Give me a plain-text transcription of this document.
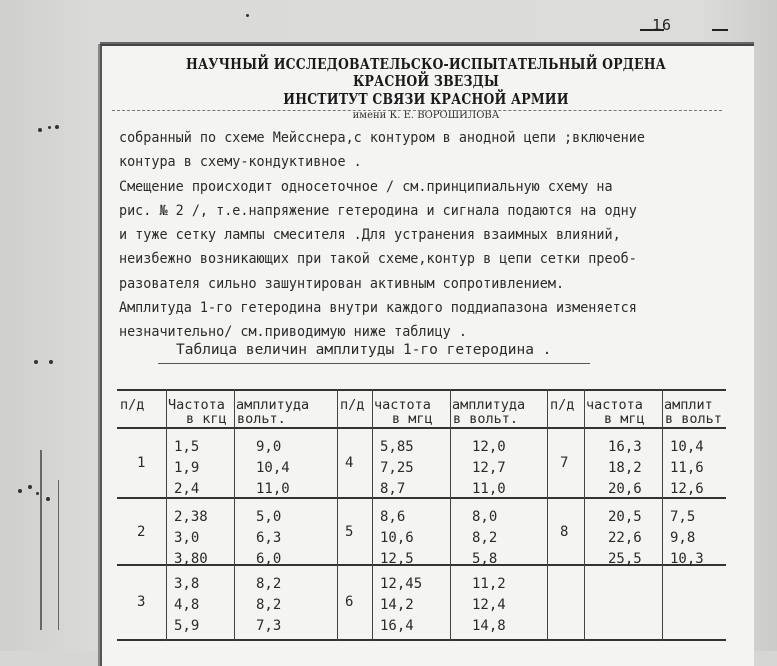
16
НАУЧНЫЙ ИССЛЕДОВАТЕЛЬСКО-ИСПЫТАТЕЛЬНЫЙ ОРДЕНА КРАСНОЙ ЗВЕЗДЫ
ИНСТИТУТ СВЯЗИ КРАСНОЙ АРМИИ
имени К. Е. ВОРОШИЛОВА
собранный по схеме Мейсснера,с контуром в анодной цепи ;включение
контура в схему-кондуктивное .
Смещение происходит односеточное / см.принципиальную схему на
рис. № 2 /, т.е.напряжение гетеродина и сигнала подаются на одну
и туже сетку лампы смесителя .Для устранения взаимных влияний,
неизбежно возникающих при такой схеме,контур в цепи сетки преоб-
разователя сильно зашунтирован активным сопротивлением.
Амплитуда 1-го гетеродина внутри каждого поддиапазона изменяется
незначительно/ см.приводимую ниже таблицу .
Таблица величин амплитуды 1-го гетеродина .
п/д Частота
в кгц
амплитуда
вольт.
1
1,5
1,9
2,4
9,0
10,4
11,0
2
2,38
3,0
3,80
5,0
6,3
6,0
3
3,8
4,8
5,9
8,2
8,2
7,3
п/д частота
в мгц
амплитуда
в вольт.
4
5,85
7,25
8,7
12,0
12,7
11,0
5
8,6
10,6
12,5
8,0
8,2
5,8
6
12,45
14,2
16,4
11,2
12,4
14,8
п/д частота
в мгц
амплит
в вольт
7
16,3
18,2
20,6
10,4
11,6
12,6
8
20,5
22,6
25,5
7,5
9,8
10,3
